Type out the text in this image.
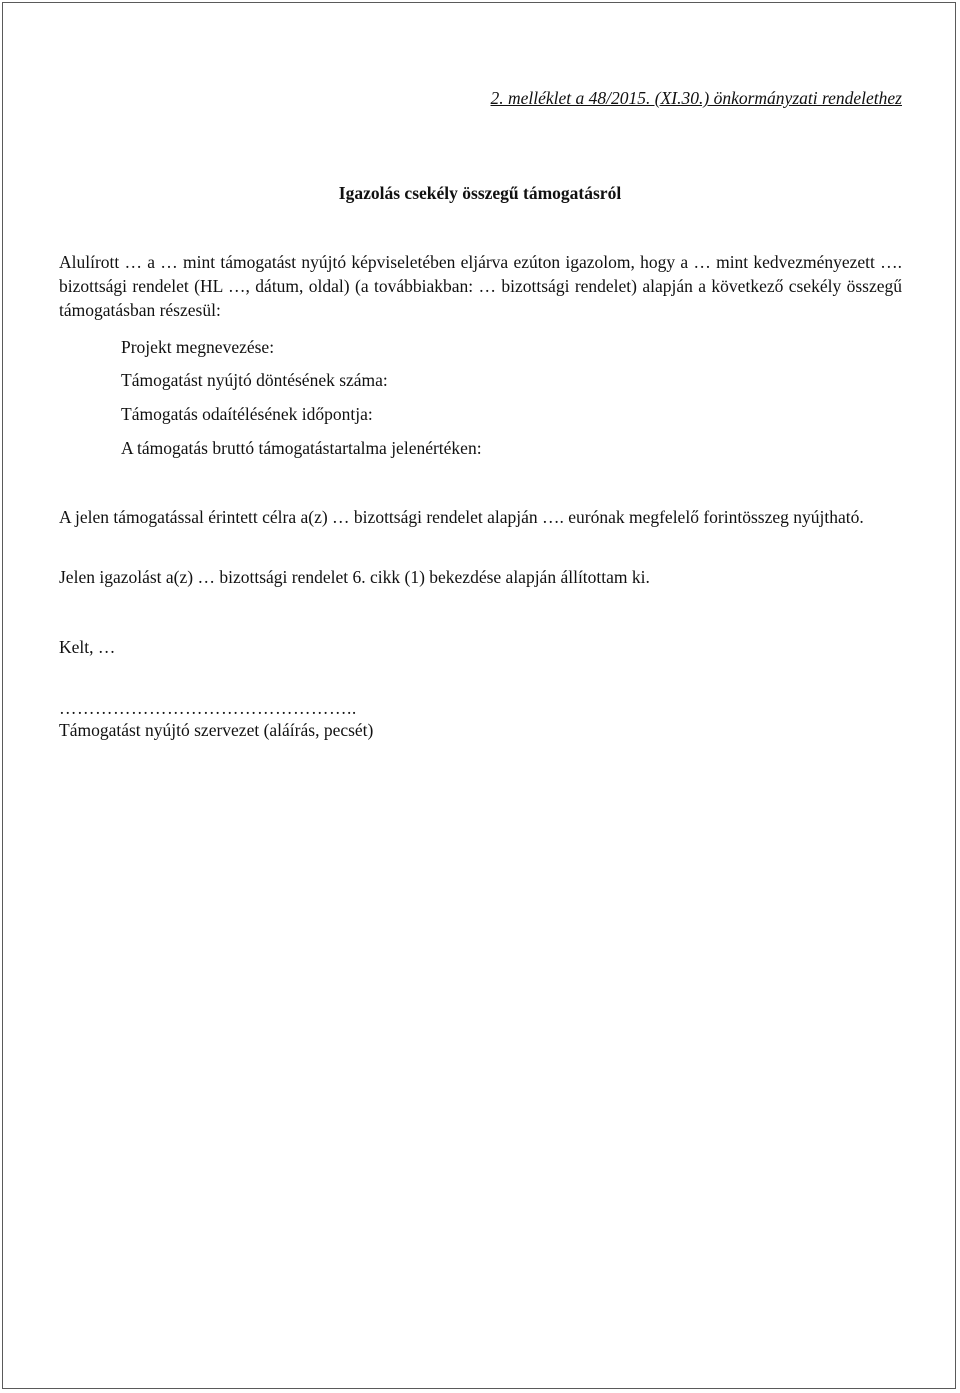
2. melléklet a 48/2015. (XI.30.) önkormányzati rendelethez
Igazolás csekély összegű támogatásról
Alulírott … a … mint támogatást nyújtó képviseletében eljárva ezúton igazolom, hogy a … mint kedvezményezett …. bizottsági rendelet (HL …, dátum, oldal) (a továbbiakban: … bizottsági rendelet) alapján a következő csekély összegű támogatásban részesül:
Projekt megnevezése:
Támogatást nyújtó döntésének száma:
Támogatás odaítélésének időpontja:
A támogatás bruttó támogatástartalma jelenértéken:
A jelen támogatással érintett célra a(z) … bizottsági rendelet alapján …. eurónak megfelelő forintösszeg nyújtható.
Jelen igazolást a(z) … bizottsági rendelet 6. cikk (1) bekezdése alapján állítottam ki.
Kelt, …
…………………………………………..
Támogatást nyújtó szervezet (aláírás, pecsét)
